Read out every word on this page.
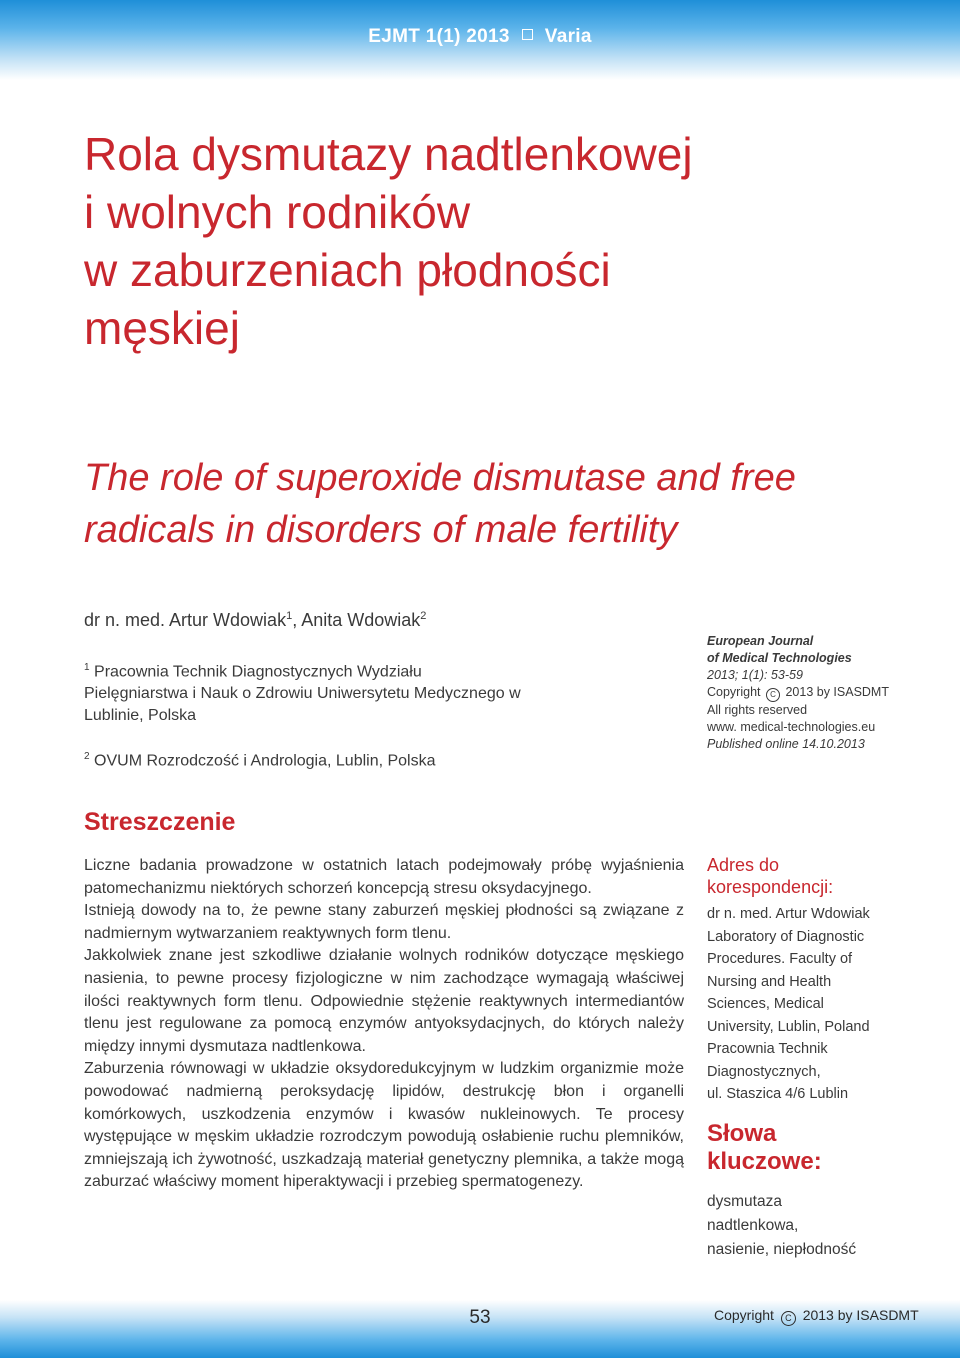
EJMT 1(1) 2013 Varia
Rola dysmutazy nadtlenkowej
i wolnych rodników
w zaburzeniach płodności
męskiej
The role of superoxide dismutase and free
radicals in disorders of male fertility
dr n. med. Artur Wdowiak$^1$, Anita Wdowiak$^2$
$^1$ Pracownia Technik Diagnostycznych Wydziału Pielęgniarstwa i Nauk o Zdrowiu Uniwersytetu Medycznego w Lublinie, Polska
$^2$ OVUM Rozrodczość i Andrologia, Lublin, Polska
European Journal
of Medical Technologies
2013; 1(1): 53-59
Copyright C 2013 by ISASDMT
All rights reserved
www. medical-technologies.eu
Published online 14.10.2013
Streszczenie

Liczne badania prowadzone w ostatnich latach podejmowały próbę wyjaśnienia patomechanizmu niektórych schorzeń koncepcją stresu oksydacyjnego.

Istnieją dowody na to, że pewne stany zaburzeń męskiej płodności są związane z nadmiernym wytwarzaniem reaktywnych form tlenu.

Jakkolwiek znane jest szkodliwe działanie wolnych rodników dotyczące męskiego nasienia, to pewne procesy fizjologiczne w nim zachodzące wymagają właściwej ilości reaktywnych form tlenu. Odpowiednie stężenie reaktywnych intermediantów tlenu jest regulowane za pomocą enzymów antyoksydacjnych, do których należy między innymi dysmutaza nadtlenkowa.

Zaburzenia równowagi w układzie oksydoredukcyjnym w ludzkim organizmie może powodować nadmierną peroksydację lipidów, destrukcję błon i organelli komórkowych, uszkodzenia enzymów i kwasów nukleinowych. Te procesy występujące w męskim układzie rozrodczym powodują osłabienie ruchu plemników, zmniejszają ich żywotność, uszkadzają materiał genetyczny plemnika, a także mogą zaburzać właściwy moment hiperaktywacji i przebieg spermatogenezy.

Adres do
korespondencji:
dr n. med. Artur Wdowiak
Laboratory of Diagnostic
Procedures. Faculty of
Nursing and Health
Sciences, Medical
University, Lublin, Poland
Pracownia Technik
Diagnostycznych,
ul. Staszica 4/6 Lublin
Słowa
kluczowe:
dysmutaza
nadtlenkowa,
nasienie, niepłodność
53	Copyright C 2013 by ISASDMT
